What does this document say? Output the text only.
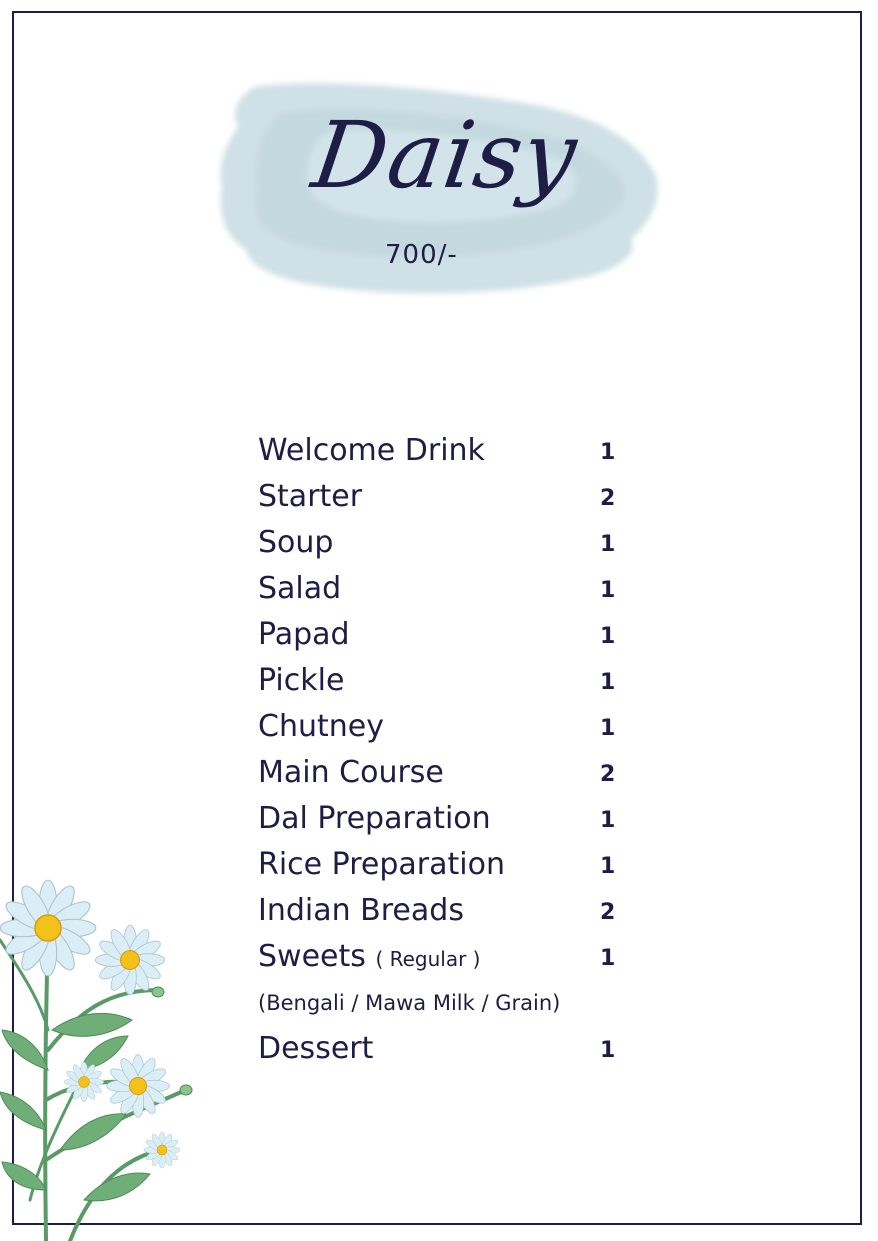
Daisy
700/-
Welcome Drink	1
Starter	2
Soup	1
Salad	1
Papad	1
Pickle	1
Chutney	1
Main Course	2
Dal Preparation	1
Rice Preparation	1
Indian Breads	2
Sweets ( Regular )	1
(Bengali / Mawa Milk / Grain)
Dessert	1
